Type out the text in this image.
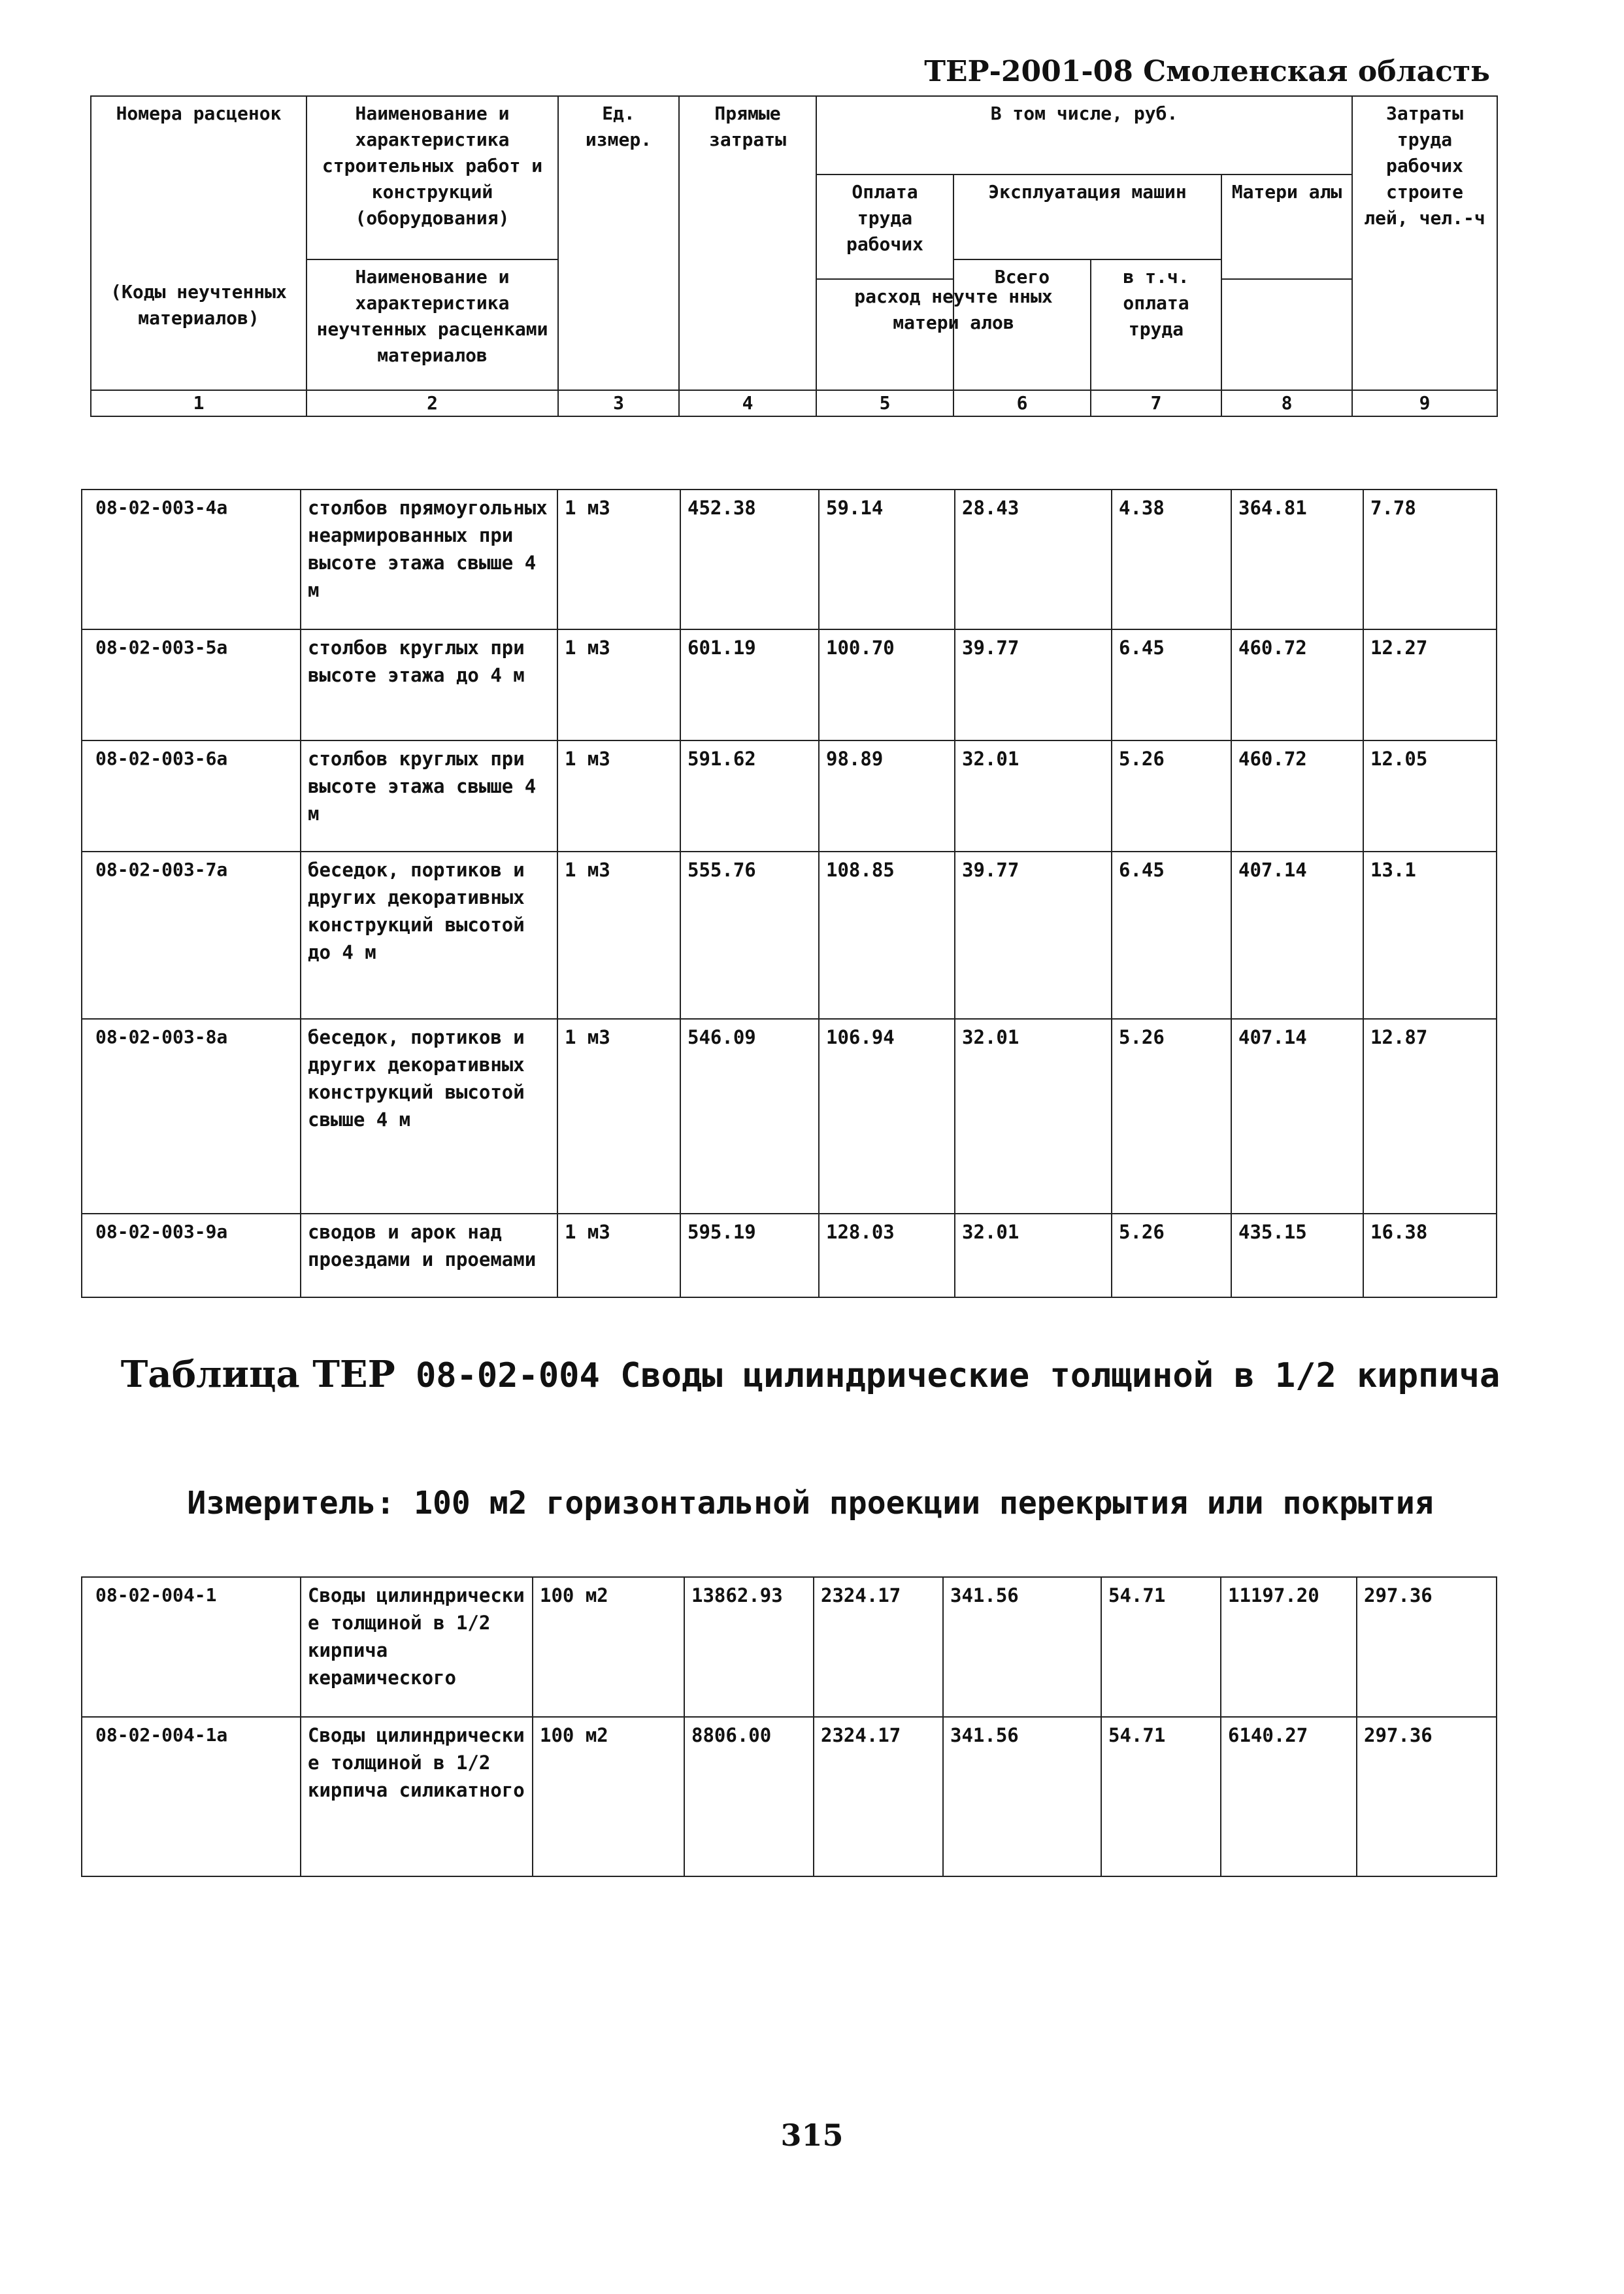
ТЕР-2001-08 Смоленская область
Номера расценок	Наименование и характеристика строительных работ и конструкций (оборудования)	Ед. измер.	Прямые затраты	В том числе, руб.				Затраты труда рабочих строите лей, чел.-ч
				Оплата труда рабочих	Эксплуатация машин		Матери алы	
(Коды неучтенных материалов)	Наименование и характеристика неучтенных расценками материалов				Всего	в т.ч. оплата труда		
				расход неучте нных матери алов				
1	2	3	4	5	6	7	8	9
08-02-003-4а	столбов прямоугольных неармированных при высоте этажа свыше 4 м	1 м3	452.38	59.14	28.43	4.38	364.81	7.78
08-02-003-5а	столбов круглых при высоте этажа до 4 м	1 м3	601.19	100.70	39.77	6.45	460.72	12.27
08-02-003-6а	столбов круглых при высоте этажа свыше 4 м	1 м3	591.62	98.89	32.01	5.26	460.72	12.05
08-02-003-7а	беседок, портиков и других декоративных конструкций высотой до 4 м	1 м3	555.76	108.85	39.77	6.45	407.14	13.1
08-02-003-8а	беседок, портиков и других декоративных конструкций высотой свыше 4 м	1 м3	546.09	106.94	32.01	5.26	407.14	12.87
08-02-003-9а	сводов и арок над проездами и проемами	1 м3	595.19	128.03	32.01	5.26	435.15	16.38
Таблица ТЕР 08-02-004 Своды цилиндрические толщиной в 1/2 кирпича
Измеритель: 100 м2 горизонтальной проекции перекрытия или покрытия
08-02-004-1	Своды цилиндрически е толщиной в 1/2 кирпича керамического	100 м2	13862.93	2324.17	341.56	54.71	11197.20	297.36
08-02-004-1а	Своды цилиндрически е толщиной в 1/2 кирпича силикатного	100 м2	8806.00	2324.17	341.56	54.71	6140.27	297.36
315
